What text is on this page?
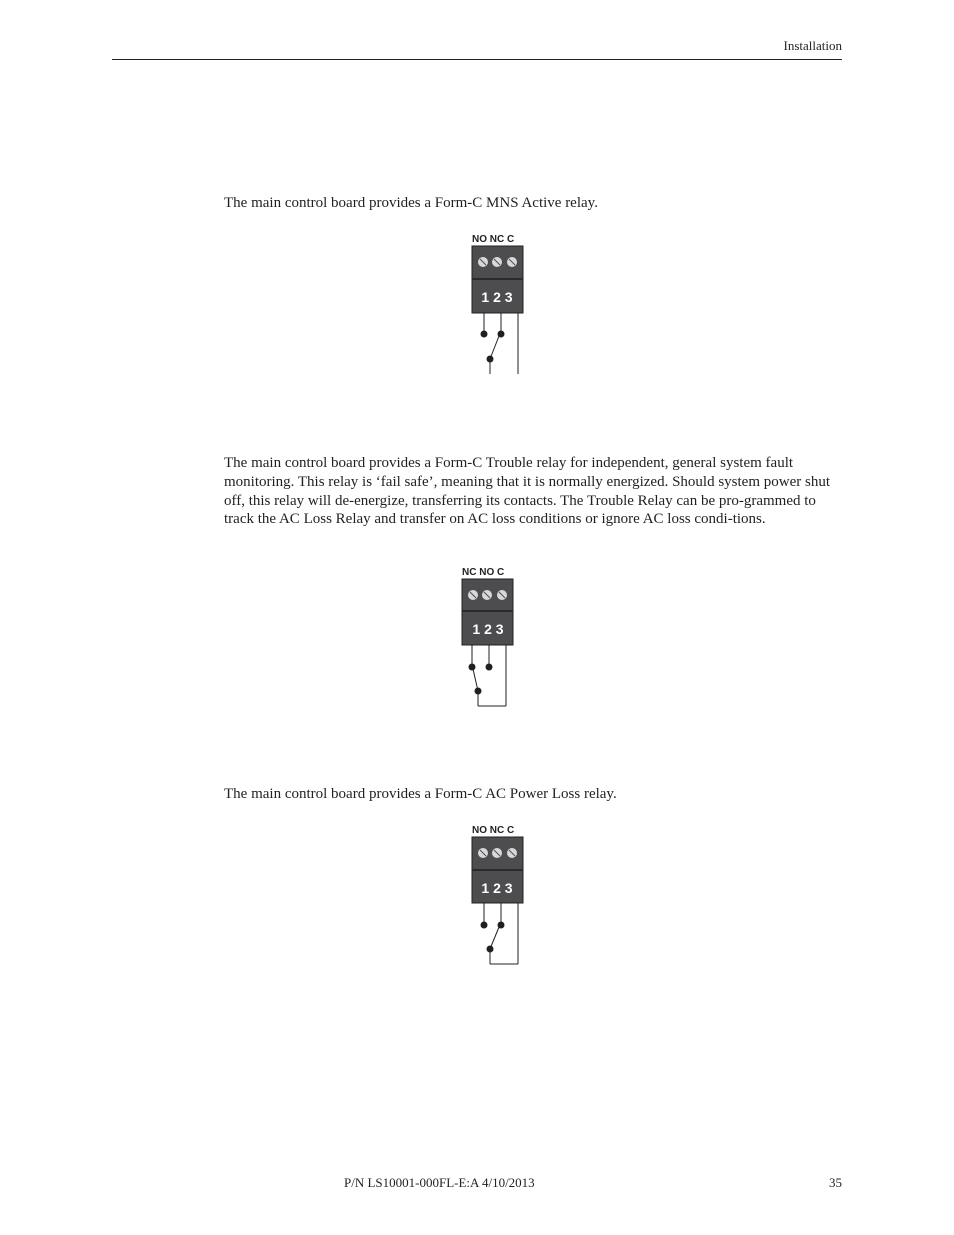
Installation

The main control board provides a Form-C MNS Active relay.

NO NC C
1 2 3

The main control board provides a Form-C Trouble relay for independent, general system fault monitoring. This relay is ‘fail safe’, meaning that it is normally energized. Should system power shut off, this relay will de-energize, transferring its contacts. The Trouble Relay can be pro-grammed to track the AC Loss Relay and transfer on AC loss conditions or ignore AC loss condi-tions.

NC NO C
1 2 3

The main control board provides a Form-C AC Power Loss relay.

NO NC C
1 2 3
P/N LS10001-000FL-E:A 4/10/2013	35
